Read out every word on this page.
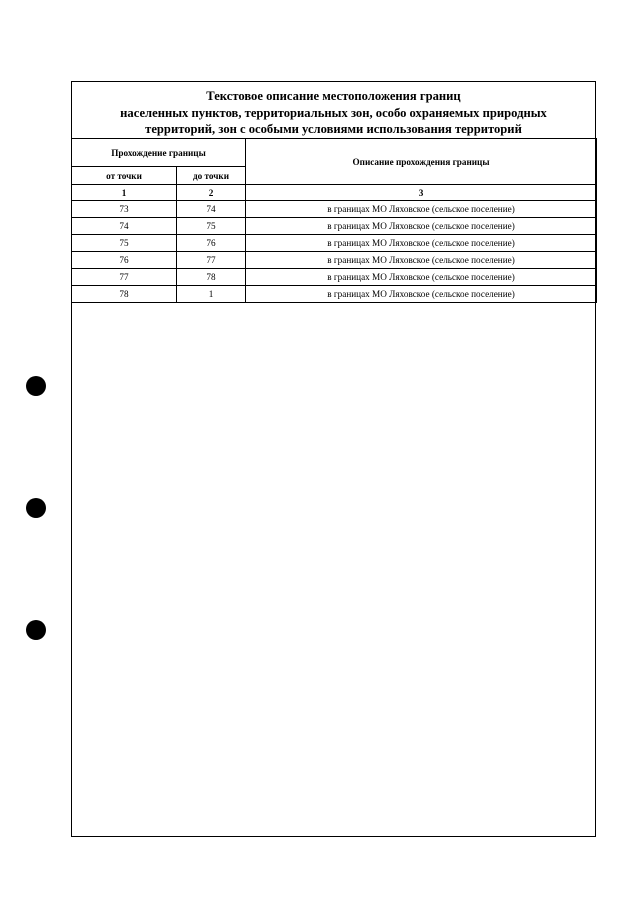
Текстовое описание местоположения границ
населенных пунктов, территориальных зон, особо охраняемых природных
территорий, зон с особыми условиями использования территорий
Прохождение границы		Описание прохождения границы
от точки	до точки	
1	2	3
73	74	в границах МО Ляховское (сельское поселение)
74	75	в границах МО Ляховское (сельское поселение)
75	76	в границах МО Ляховское (сельское поселение)
76	77	в границах МО Ляховское (сельское поселение)
77	78	в границах МО Ляховское (сельское поселение)
78	1	в границах МО Ляховское (сельское поселение)
